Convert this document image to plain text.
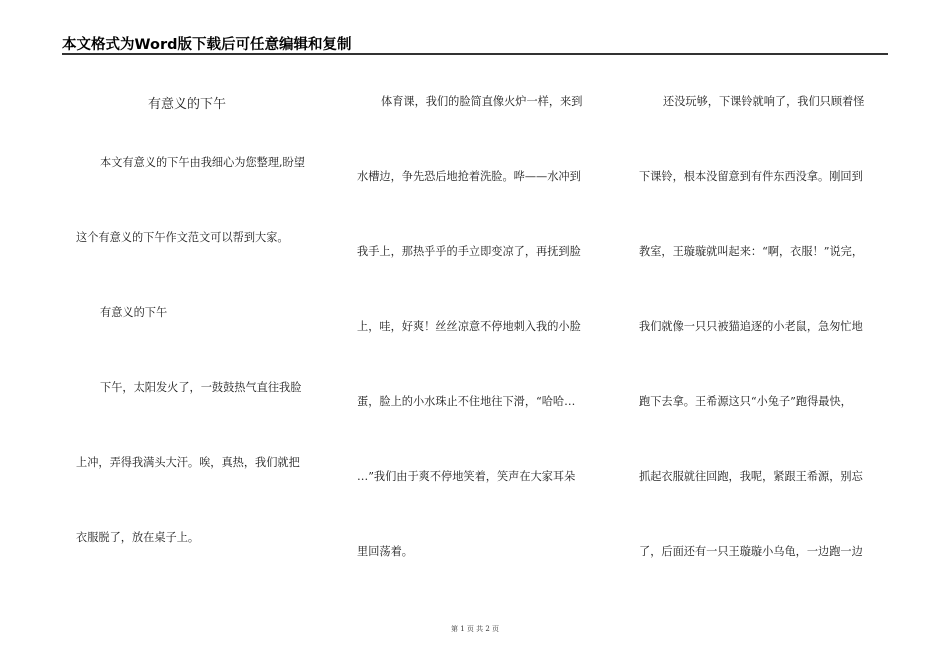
本文格式为Word版下载后可任意编辑和复制
有意义的下午
本文有意义的下午由我细心为您整理,盼望
这个有意义的下午作文范文可以帮到大家。
有意义的下午
下午，太阳发火了，一鼓鼓热气直往我脸
上冲，弄得我满头大汗。唉，真热，我们就把
衣服脱了，放在桌子上。
体育课，我们的脸简直像火炉一样，来到
水槽边，争先恐后地抢着洗脸。哗——水冲到
我手上，那热乎乎的手立即变凉了，再抚到脸
上，哇，好爽！丝丝凉意不停地刺入我的小脸
蛋，脸上的小水珠止不住地往下滑，“哈哈…
…”我们由于爽不停地笑着，笑声在大家耳朵
里回荡着。
还没玩够，下课铃就响了，我们只顾着怪
下课铃，根本没留意到有件东西没拿。刚回到
教室，王璇璇就叫起来：“啊，衣服！”说完，
我们就像一只只被猫追逐的小老鼠，急匆忙地
跑下去拿。王希源这只“小兔子”跑得最快，
抓起衣服就往回跑，我呢，紧跟王希源，别忘
了，后面还有一只王璇璇小乌龟，一边跑一边
第 1 页 共 2 页
